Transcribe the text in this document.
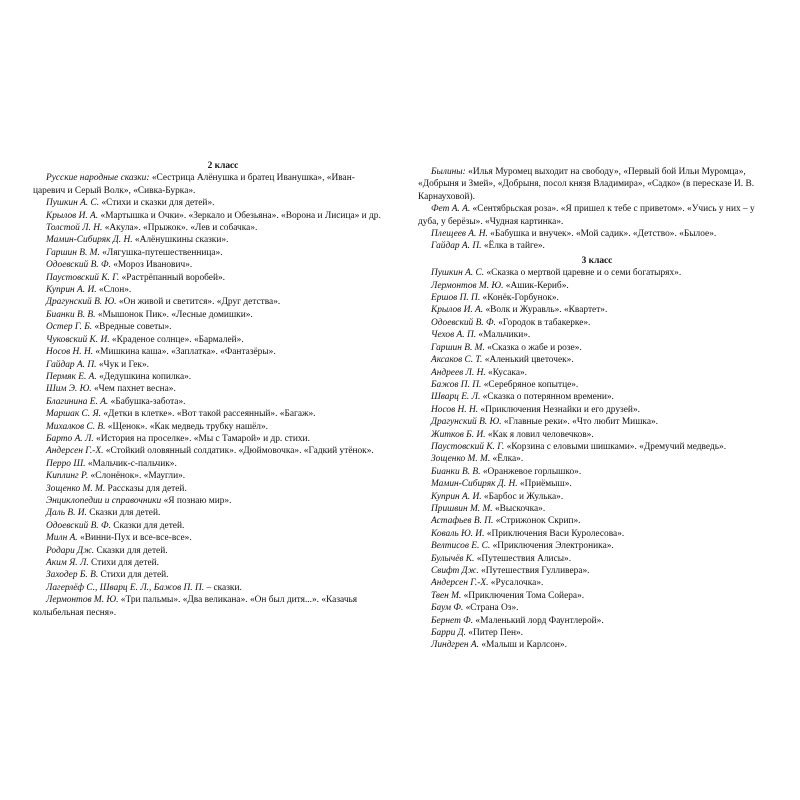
2 класс

Русские народные сказки: «Сестрица Алёнушка и братец Иванушка», «Иван-царевич и Серый Волк», «Сивка-Бурка».

Пушкин А. С. «Стихи и сказки для детей».

Крылов И. А. «Мартышка и Очки». «Зеркало и Обезьяна». «Ворона и Лисица» и др.

Толстой Л. Н. «Акула». «Прыжок». «Лев и собачка».

Мамин-Сибиряк Д. Н. «Алёнушкины сказки».

Гаршин В. М. «Лягушка-путешественница».

Одоевский В. Ф. «Мороз Иванович».

Паустовский К. Г. «Растрёпанный воробей».

Куприн А. И. «Слон».

Драгунский В. Ю. «Он живой и светится». «Друг детства».

Бианки В. В. «Мышонок Пик». «Лесные домишки».

Остер Г. Б. «Вредные советы».

Чуковский К. И. «Краденое солнце». «Бармалей».

Носов Н. Н. «Мишкина каша». «Заплатка». «Фантазёры».

Гайдар А. П. «Чук и Гек».

Пермяк Е. А. «Дедушкина копилка».

Шим Э. Ю. «Чем пахнет весна».

Благинина Е. А. «Бабушка-забота».

Маршак С. Я. «Детки в клетке». «Вот такой рассеянный». «Багаж».

Михалков С. В. «Щенок». «Как медведь трубку нашёл».

Барто А. Л. «История на проселке». «Мы с Тамарой» и др. стихи.

Андерсен Г.-Х. «Стойкий оловянный солдатик». «Дюймовочка». «Гадкий утёнок».

Перро Ш. «Мальчик-с-пальчик».

Киплинг Р. «Слонёнок». «Маугли».

Зощенко М. М. Рассказы для детей.

Энциклопедии и справочники «Я познаю мир».

Даль В. И. Сказки для детей.

Одоевский В. Ф. Сказки для детей.

Милн А. «Винни-Пух и все-все-все».

Родари Дж. Сказки для детей.

Аким Я. Л. Стихи для детей.

Заходер Б. В. Стихи для детей.

Лагерлёф С., Шварц Е. Л., Бажов П. П. – сказки.

Лермонтов М. Ю. «Три пальмы». «Два великана». «Он был дитя...». «Казачья колыбельная песня».

Былины: «Илья Муромец выходит на свободу», «Первый бой Ильи Муромца», «Добрыня и Змей», «Добрыня, посол князя Владимира», «Садко» (в пересказе И. В. Карнауховой).

Фет А. А. «Сентябрьская роза». «Я пришел к тебе с приветом». «Учись у них – у дуба, у берёзы». «Чудная картинка».

Плещеев А. Н. «Бабушка и внучек». «Мой садик». «Детство». «Былое».

Гайдар А. П. «Ёлка в тайге».

3 класс

Пушкин А. С. «Сказка о мертвой царевне и о семи богатырях».

Лермонтов М. Ю. «Ашик-Кериб».

Ершов П. П. «Конёк-Горбунок».

Крылов И. А. «Волк и Журавль». «Квартет».

Одоевский В. Ф. «Городок в табакерке».

Чехов А. П. «Мальчики».

Гаршин В. М. «Сказка о жабе и розе».

Аксаков С. Т. «Аленький цветочек».

Андреев Л. Н. «Кусака».

Бажов П. П. «Серебряное копытце».

Шварц Е. Л. «Сказка о потерянном времени».

Носов Н. Н. «Приключения Незнайки и его друзей».

Драгунский В. Ю. «Главные реки». «Что любит Мишка».

Житков Б. И. «Как я ловил человечков».

Паустовский К. Г. «Корзина с еловыми шишками». «Дремучий медведь».

Зощенко М. М. «Ёлка».

Бианки В. В. «Оранжевое горлышко».

Мамин-Сибиряк Д. Н. «Приёмыш».

Куприн А. И. «Барбос и Жулька».

Пришвин М. М. «Выскочка».

Астафьев В. П. «Стрижонок Скрип».

Коваль Ю. И. «Приключения Васи Куролесова».

Велтисов Е. С. «Приключения Электроника».

Булычёв К. «Путешествия Алисы».

Свифт Дж. «Путешествия Гулливера».

Андерсен Г.-Х. «Русалочка».

Твен М. «Приключения Тома Сойера».

Баум Ф. «Страна Оз».

Бернет Ф. «Маленький лорд Фаунтлерой».

Барри Д. «Питер Пен».

Линдгрен А. «Малыш и Карлсон».
